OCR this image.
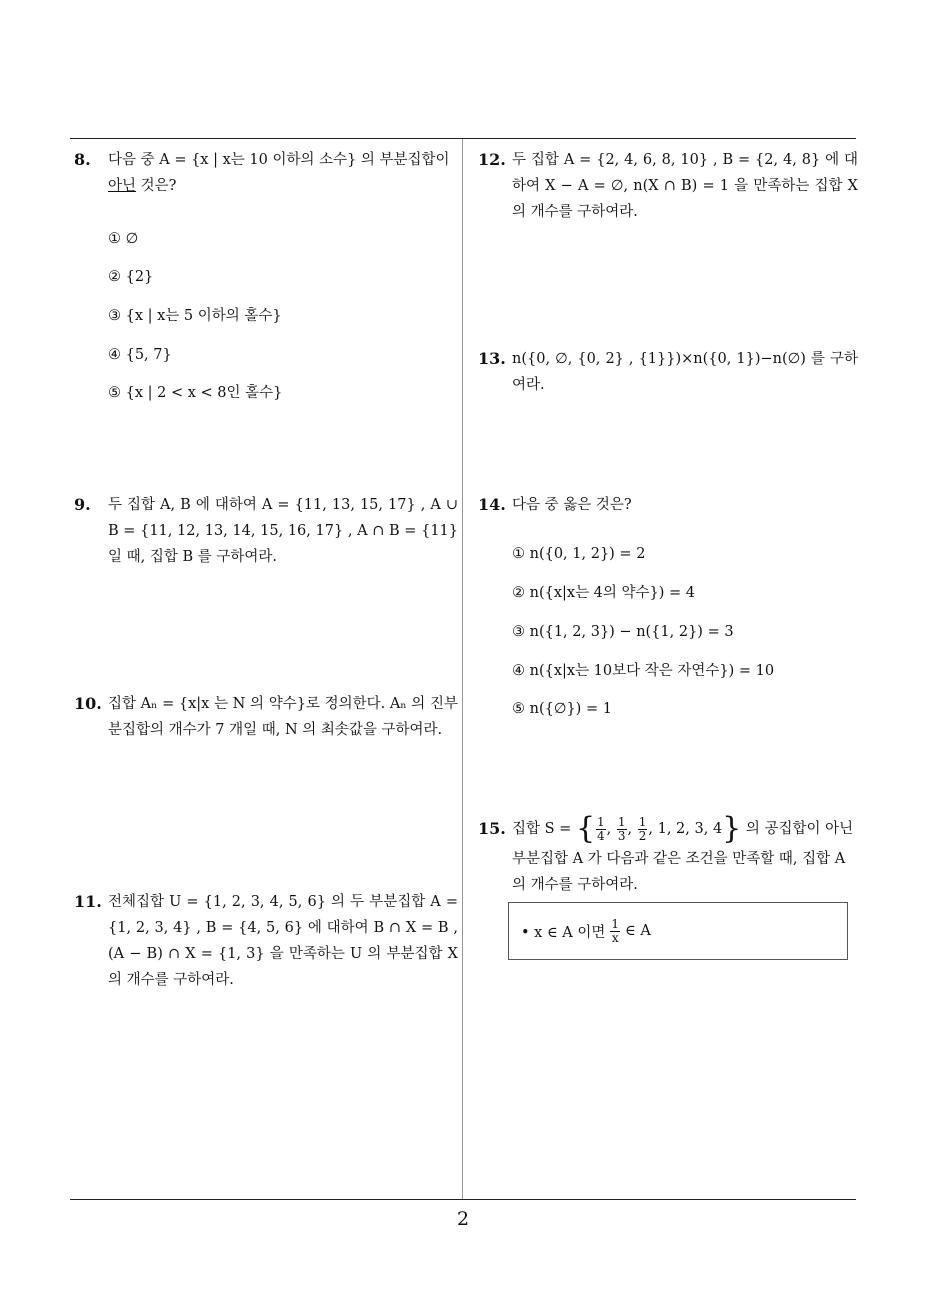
8. 다음 중 A = {x | x는 10 이하의 소수} 의 부분집합이
아닌 것은?
① ∅
② {2}
③ {x | x는 5 이하의 홀수}
④ {5, 7}
⑤ {x | 2 < x < 8인 홀수}
9. 두 집합 A, B 에 대하여 A = {11, 13, 15, 17} , A ∪ B = {11, 12, 13, 14, 15, 16, 17} , A ∩ B = {11} 일 때, 집합 B 를 구하여라.
10. 집합 Aₙ = {x|x 는 N 의 약수}로 정의한다. Aₙ 의 진부분집합의 개수가 7 개일 때, N 의 최솟값을 구하여라.
11. 전체집합 U = {1, 2, 3, 4, 5, 6} 의 두 부분집합 A = {1, 2, 3, 4} , B = {4, 5, 6} 에 대하여 B ∩ X = B , (A − B) ∩ X = {1, 3} 을 만족하는 U 의 부분집합 X 의 개수를 구하여라.
12. 두 집합 A = {2, 4, 6, 8, 10} , B = {2, 4, 8} 에 대하여 X − A = ∅, n(X ∩ B) = 1 을 만족하는 집합 X 의 개수를 구하여라.
13. n({0, ∅, {0, 2} , {1}})×n({0, 1})−n(∅) 를 구하여라.
14. 다음 중 옳은 것은?
① n({0, 1, 2}) = 2
② n({x|x는 4의 약수}) = 4
③ n({1, 2, 3}) − n({1, 2}) = 3
④ n({x|x는 10보다 작은 자연수}) = 10
⑤ n({∅}) = 1
15. 집합 S = { $\frac{1}{4}$ , $\frac{1}{3}$ , $\frac{1}{2}$ , 1, 2, 3, 4} 의 공집합이 아닌
부분집합 A 가 다음과 같은 조건을 만족할 때, 집합 A
의 개수를 구하여라.
• x ∈ A 이면 $\frac{1}{x}$ ∈ A
2
